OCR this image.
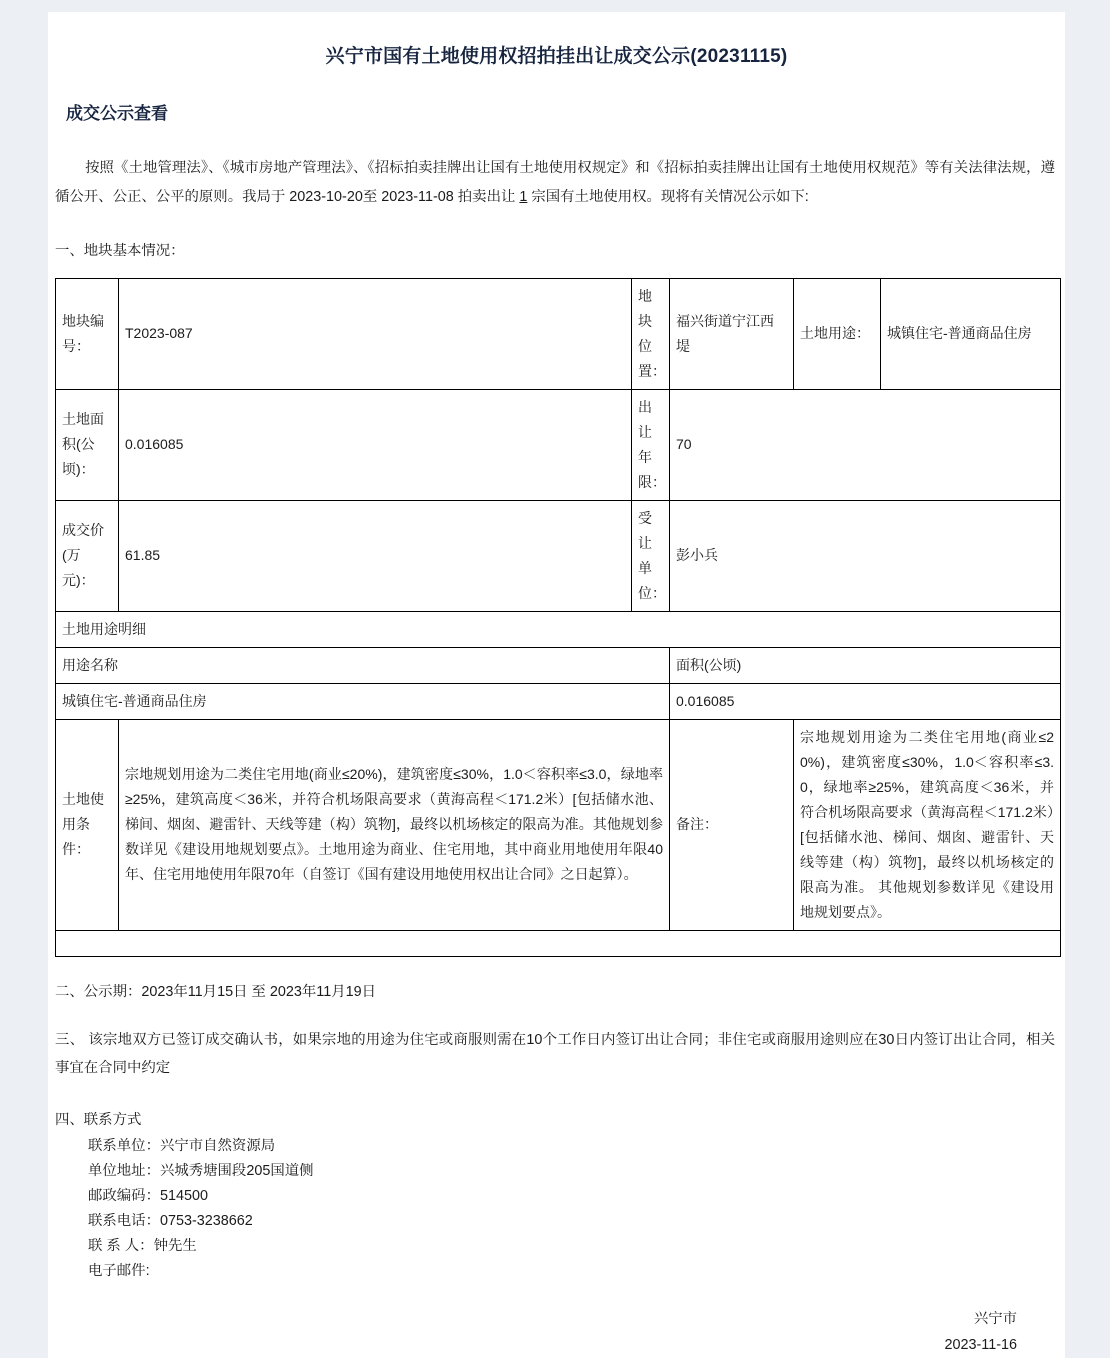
兴宁市国有土地使用权招拍挂出让成交公示(20231115)
成交公示查看

按照《土地管理法》、《城市房地产管理法》、《招标拍卖挂牌出让国有土地使用权规定》和《招标拍卖挂牌出让国有土地使用权规范》等有关法律法规，遵循公开、公正、公平的原则。我局于 2023-10-20至 2023-11-08 拍卖出让 1 宗国有土地使用权。现将有关情况公示如下:

一、地块基本情况：
地块编号：	T2023-087	地块位置：	福兴街道宁江西堤	土地用途：	城镇住宅-普通商品住房
土地面积(公顷)：	0.016085	出让年限：	70		
成交价(万元)：	61.85	受让单位：	彭小兵		
土地用途明细					
用途名称			面积(公顷)		
城镇住宅-普通商品住房			0.016085		
土地使用条件：	宗地规划用途为二类住宅用地(商业≤20%)，建筑密度≤30%，1.0＜容积率≤3.0，绿地率≥25%，建筑高度＜36米，并符合机场限高要求（黄海高程＜171.2米）[包括储水池、梯间、烟囱、避雷针、天线等建（构）筑物]，最终以机场核定的限高为准。其他规划参数详见《建设用地规划要点》。土地用途为商业、住宅用地，其中商业用地使用年限40年、住宅用地使用年限70年（自签订《国有建设用地使用权出让合同》之日起算）。		备注：	宗地规划用途为二类住宅用地(商业≤20%)，建筑密度≤30%，1.0＜容积率≤3.0，绿地率≥25%，建筑高度＜36米，并符合机场限高要求（黄海高程＜171.2米）[包括储水池、梯间、烟囱、避雷针、天线等建（构）筑物]，最终以机场核定的限高为准。 其他规划参数详见《建设用地规划要点》。	

二、公示期：2023年11月15日 至 2023年11月19日
三、 该宗地双方已签订成交确认书，如果宗地的用途为住宅或商服则需在10个工作日内签订出让合同；非住宅或商服用途则应在30日内签订出让合同，相关事宜在合同中约定
四、联系方式
联系单位：兴宁市自然资源局
单位地址：兴城秀塘围段205国道侧
邮政编码：514500
联系电话：0753-3238662
联 系 人：钟先生
电子邮件:
兴宁市
2023-11-16
